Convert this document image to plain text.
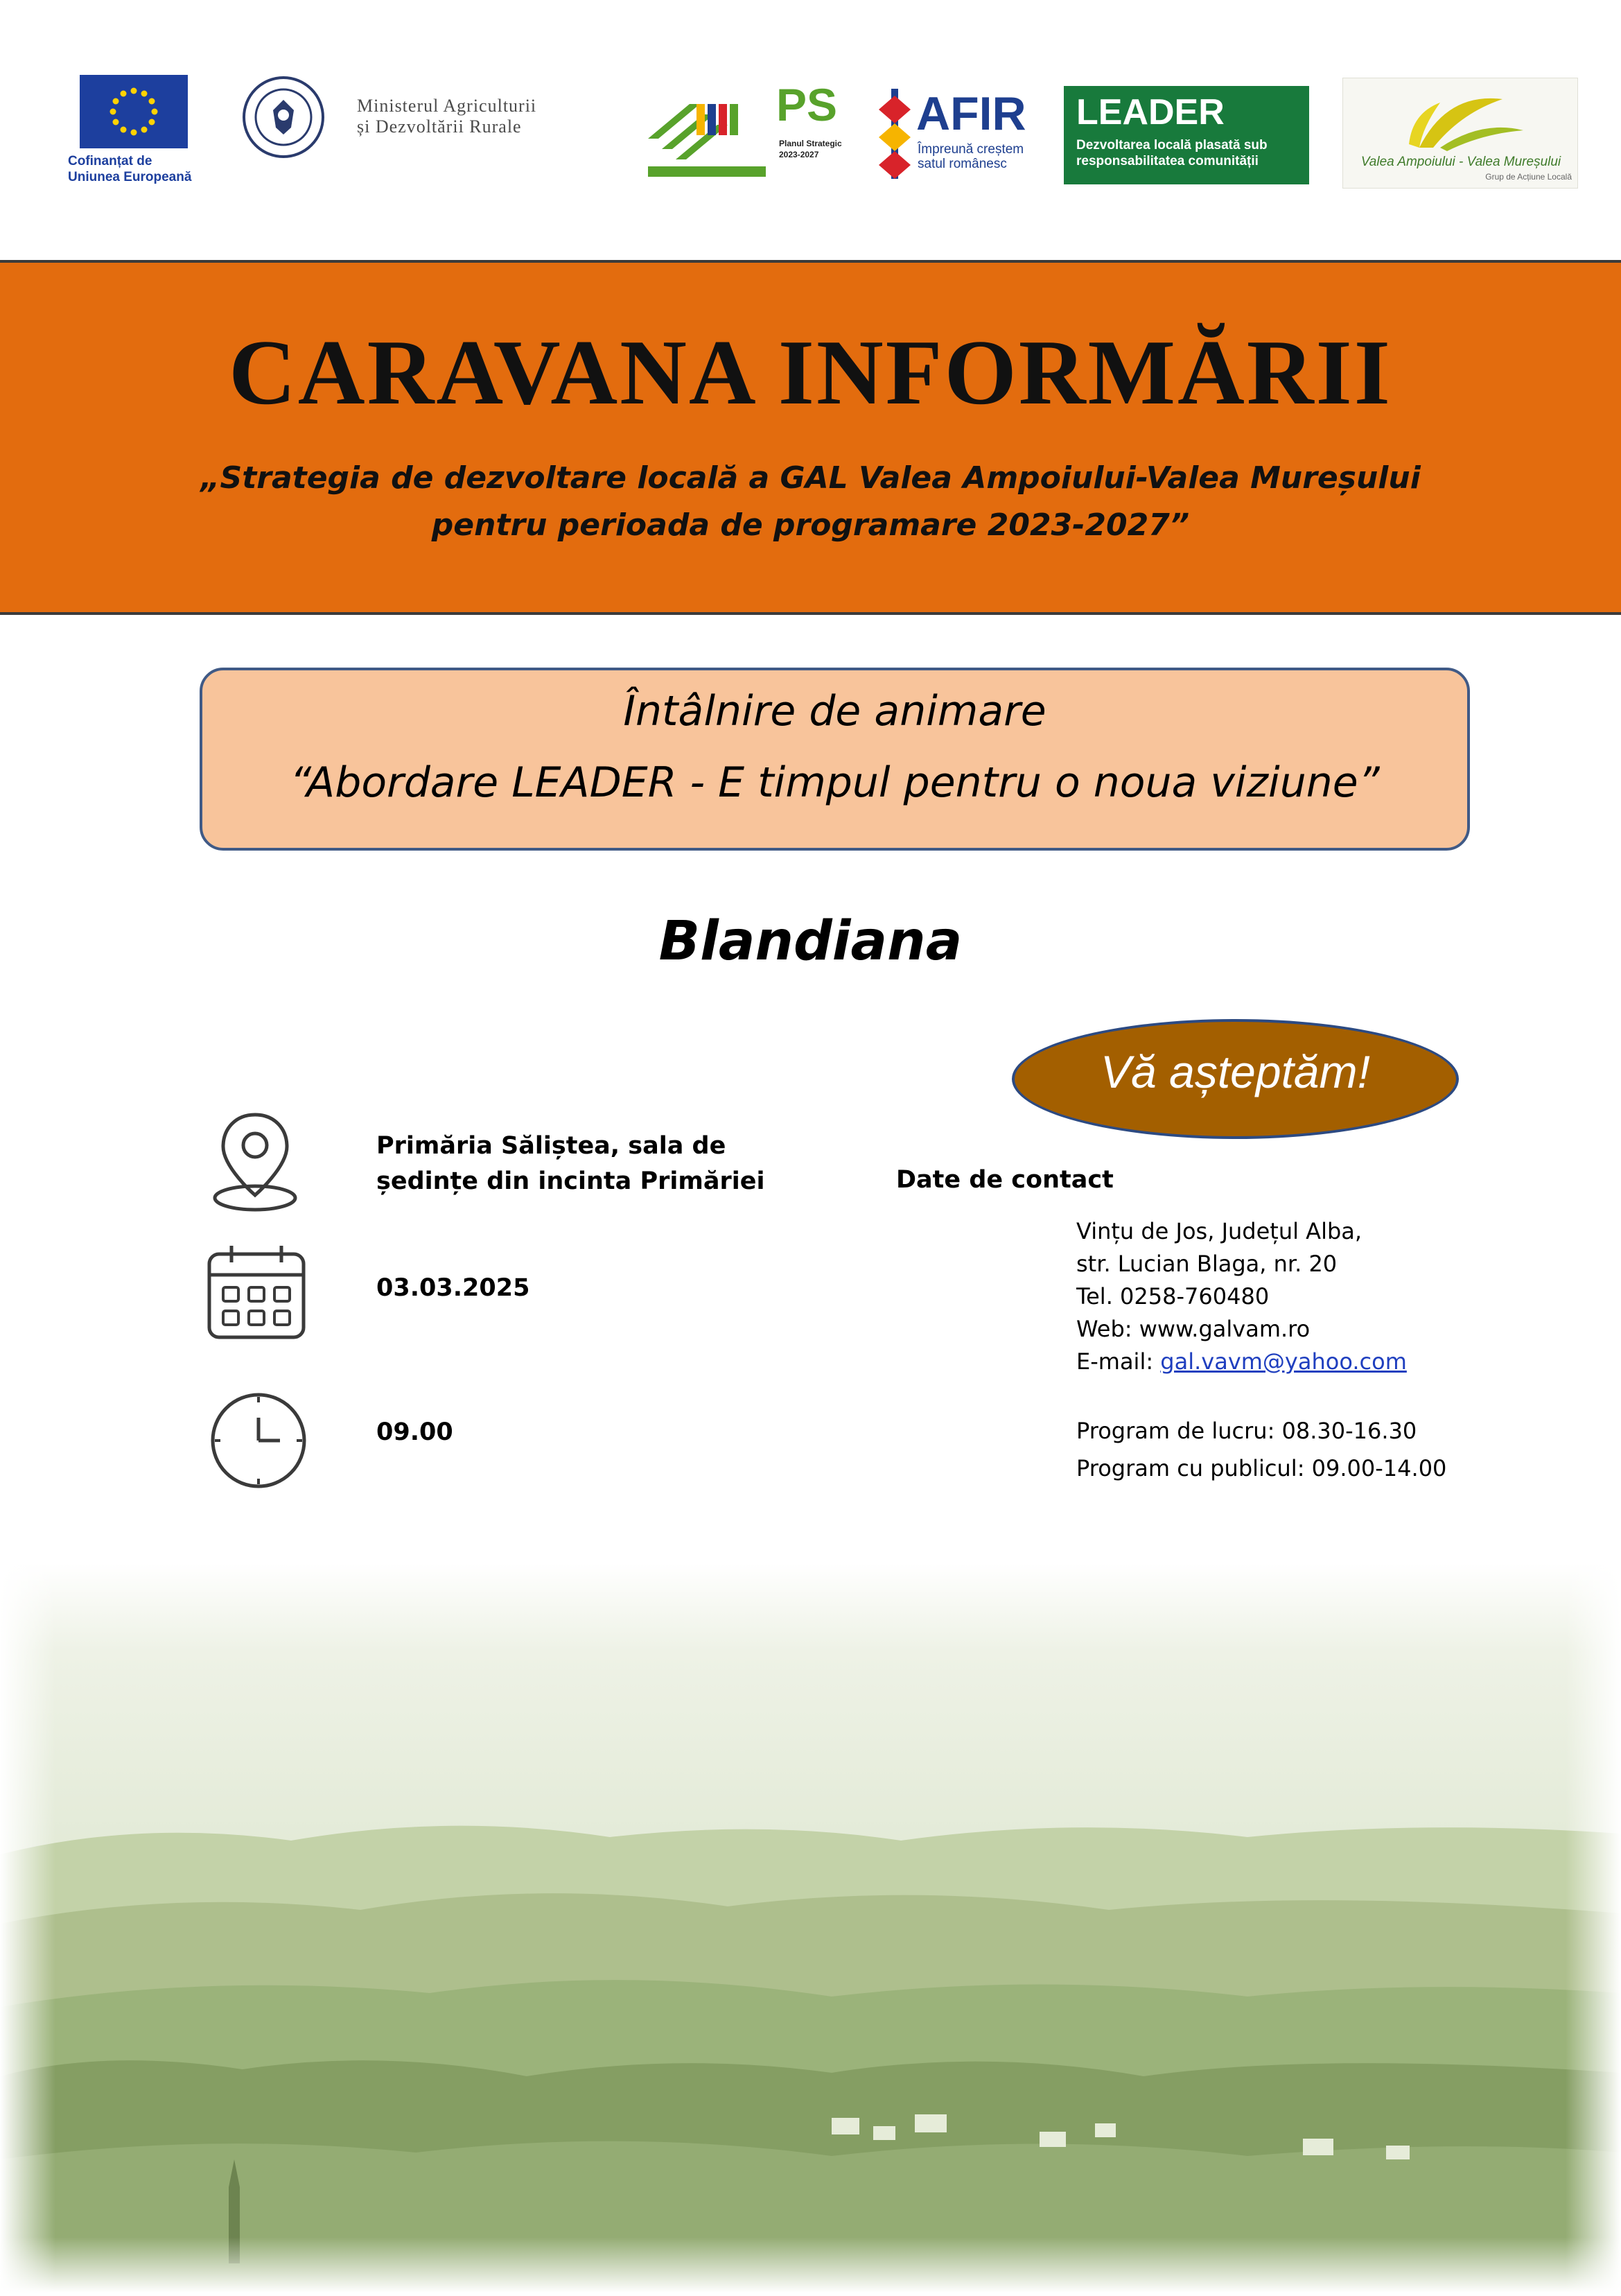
Cofinanțat de
Uniunea Europeană
Ministerul Agriculturii
și Dezvoltării Rurale	PS
Planul Strategic
2023-2027
AFIR
Împreună creștem
satul românesc
LEADER
Dezvoltarea locală plasată sub
responsabilitatea comunității	Valea Ampoiului - Valea Mureșului
Grup de Acțiune Locală
CARAVANA INFORMĂRII
„Strategia de dezvoltare locală a GAL Valea Ampoiului-Valea Mureșului
pentru perioada de programare 2023-2027”
Întâlnire de animare
“Abordare LEADER - E timpul pentru o noua viziune”
Blandiana
Vă așteptăm!
Primăria Săliștea, sala de
ședințe din incinta Primăriei
03.03.2025
09.00
Date de contact
Vințu de Jos, Județul Alba,
str. Lucian Blaga, nr. 20
Tel. 0258-760480
Web: www.galvam.ro
E-mail: gal.vavm@yahoo.com
Program de lucru: 08.30-16.30
Program cu publicul: 09.00-14.00
